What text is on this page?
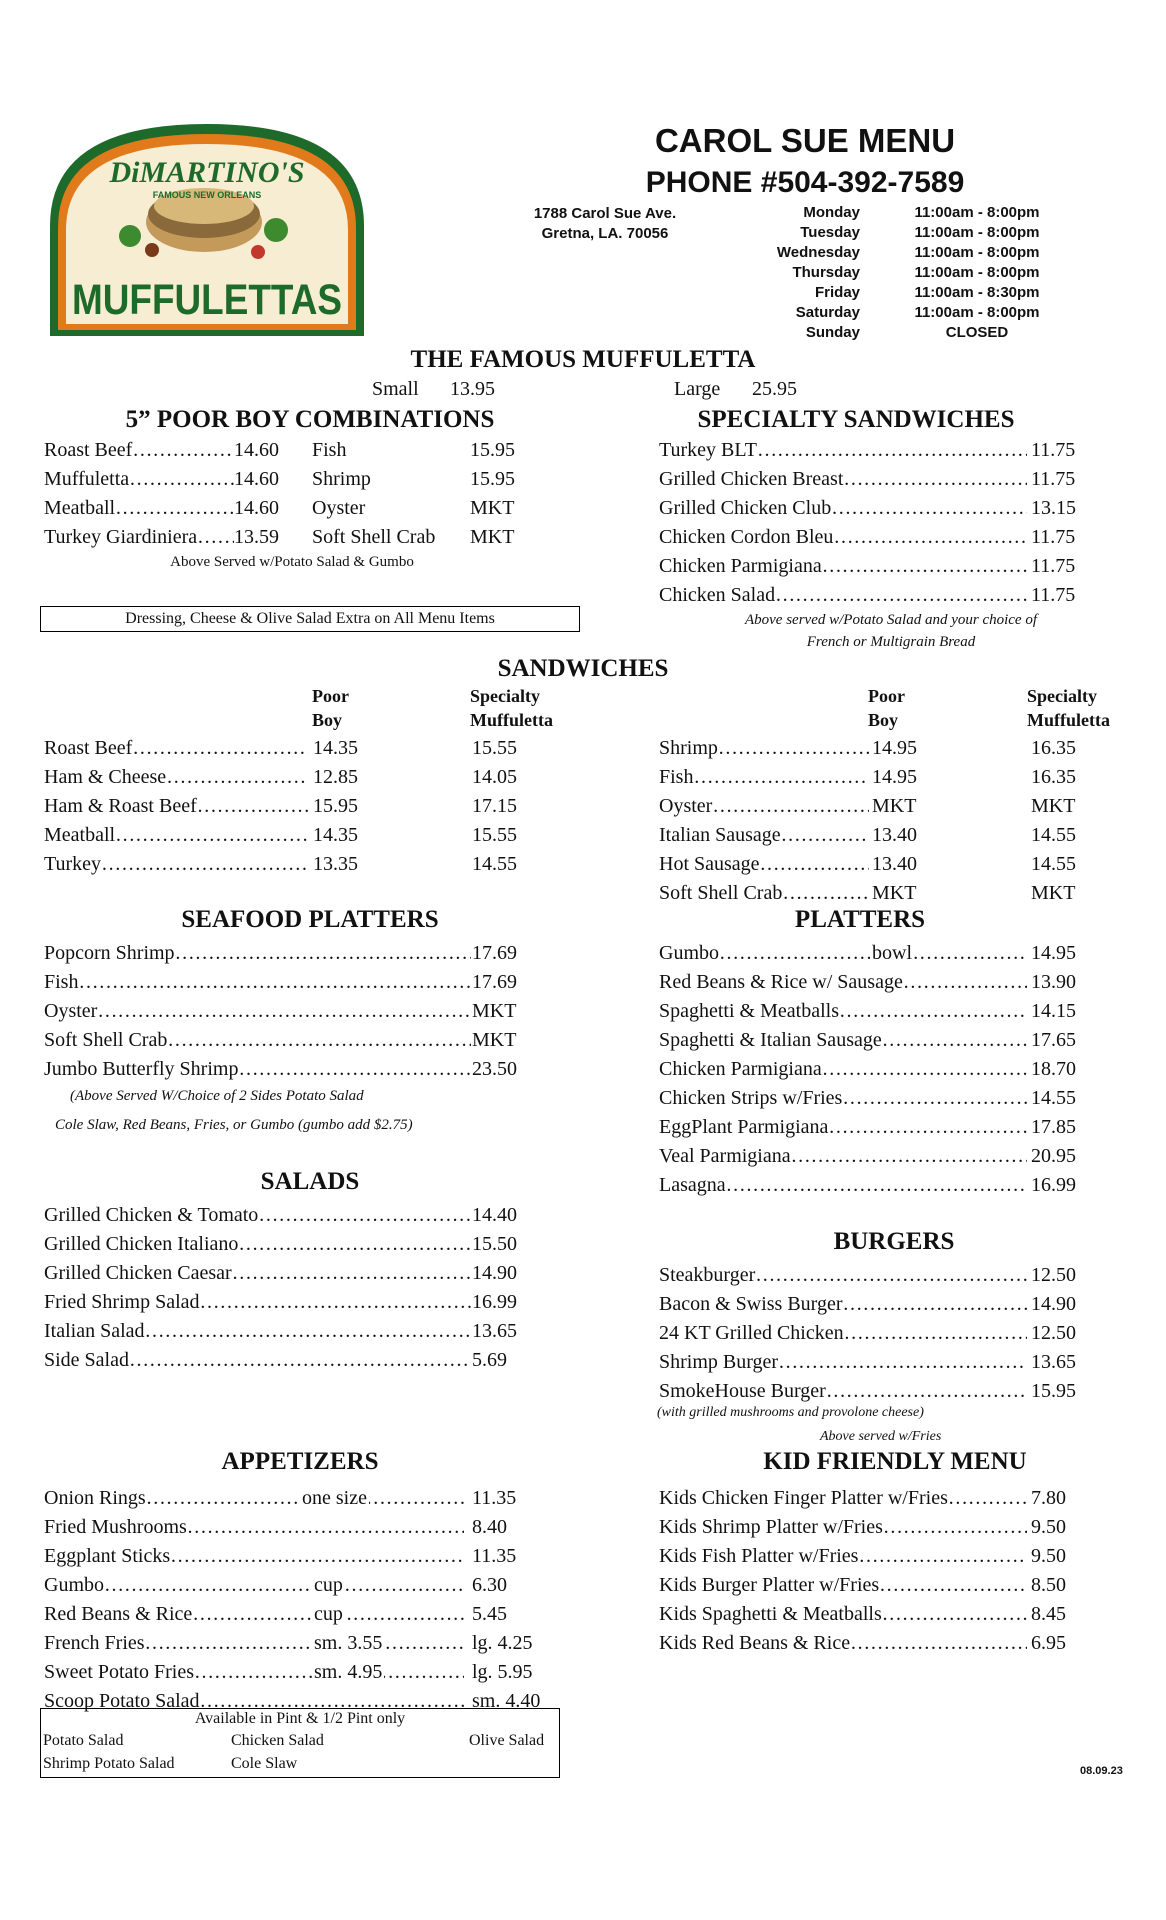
DiMARTINO'S
FAMOUS NEW ORLEANS
MUFFULETTAS
CAROL SUE MENU
PHONE #504-392-7589
1788 Carol Sue Ave.
Gretna, LA. 70056
Monday	11:00am - 8:00pm
Tuesday	11:00am - 8:00pm
Wednesday	11:00am - 8:00pm
Thursday	11:00am - 8:00pm
Friday	11:00am - 8:30pm
Saturday	11:00am - 8:00pm
Sunday	CLOSED
THE FAMOUS MUFFULETTA
Small 13.95	Large 25.95
5” POOR BOY COMBINATIONS
Roast Beef ……………………………………………………………………………………………………………………………………………	14.60 Fish	15.95
Muffuletta ……………………………………………………………………………………………………………………………………………	14.60 Shrimp	15.95
Meatball ……………………………………………………………………………………………………………………………………………	14.60 Oyster	MKT
Turkey Giardiniera …………………………………………………………………………………………………………………………………………… 13.59 Soft Shell Crab MKT
Above Served w/Potato Salad & Gumbo
Dressing, Cheese & Olive Salad Extra on All Menu Items
SPECIALTY SANDWICHES
Turkey BLT ……………………………………………………………………………………………………………………………………………	11.75
Grilled Chicken Breast ……………………………………………………………………………………………………………………………………………	11.75
Grilled Chicken Club ……………………………………………………………………………………………………………………………………………	13.15
Chicken Cordon Bleu ……………………………………………………………………………………………………………………………………………	11.75
Chicken Parmigiana ……………………………………………………………………………………………………………………………………………	11.75
Chicken Salad ……………………………………………………………………………………………………………………………………………	11.75
Above served w/Potato Salad and your choice of
French or Multigrain Bread
SANDWICHES
Poor
Boy
Specialty
Muffuletta
Poor
Boy
Specialty
Muffuletta
Roast Beef ……………………………………………………………………………………………………………………………………………	14.35	15.55
Ham & Cheese ……………………………………………………………………………………………………………………………………………	12.85	14.05
Ham & Roast Beef ……………………………………………………………………………………………………………………………………………	15.95	17.15
Meatball ……………………………………………………………………………………………………………………………………………	14.35	15.55
Turkey ……………………………………………………………………………………………………………………………………………	13.35	14.55
Shrimp ……………………………………………………………………………………………………………………………………………	14.95	16.35
Fish ……………………………………………………………………………………………………………………………………………	14.95	16.35
Oyster ……………………………………………………………………………………………………………………………………………	MKT	MKT
Italian Sausage ……………………………………………………………………………………………………………………………………………	13.40	14.55
Hot Sausage ……………………………………………………………………………………………………………………………………………	13.40	14.55
Soft Shell Crab ……………………………………………………………………………………………………………………………………………	MKT	MKT
SEAFOOD PLATTERS
Popcorn Shrimp ……………………………………………………………………………………………………………………………………………	17.69
Fish ……………………………………………………………………………………………………………………………………………	17.69
Oyster ……………………………………………………………………………………………………………………………………………	MKT
Soft Shell Crab ……………………………………………………………………………………………………………………………………………	MKT
Jumbo Butterfly Shrimp ……………………………………………………………………………………………………………………………………………	23.50
(Above Served W/Choice of 2 Sides Potato Salad
Cole Slaw, Red Beans, Fries, or Gumbo (gumbo add $2.75)
PLATTERS
Gumbo ……………………………………………………………………………………………………………………………………………	bowl	14.95
Red Beans & Rice w/ Sausage ……………………………………………………………………………………………………………………………………………	13.90
Spaghetti & Meatballs ……………………………………………………………………………………………………………………………………………	14.15
Spaghetti & Italian Sausage ……………………………………………………………………………………………………………………………………………	17.65
Chicken Parmigiana ……………………………………………………………………………………………………………………………………………	18.70
Chicken Strips w/Fries ……………………………………………………………………………………………………………………………………………	14.55
EggPlant Parmigiana ……………………………………………………………………………………………………………………………………………	17.85
Veal Parmigiana ……………………………………………………………………………………………………………………………………………	20.95
Lasagna ……………………………………………………………………………………………………………………………………………	16.99
SALADS
Grilled Chicken & Tomato ……………………………………………………………………………………………………………………………………………	14.40
Grilled Chicken Italiano ……………………………………………………………………………………………………………………………………………	15.50
Grilled Chicken Caesar ……………………………………………………………………………………………………………………………………………	14.90
Fried Shrimp Salad ……………………………………………………………………………………………………………………………………………	16.99
Italian Salad ……………………………………………………………………………………………………………………………………………	13.65
Side Salad ……………………………………………………………………………………………………………………………………………	5.69
BURGERS
Steakburger ……………………………………………………………………………………………………………………………………………	12.50
Bacon & Swiss Burger ……………………………………………………………………………………………………………………………………………	14.90
24 KT Grilled Chicken ……………………………………………………………………………………………………………………………………………	12.50
Shrimp Burger ……………………………………………………………………………………………………………………………………………	13.65
SmokeHouse Burger ……………………………………………………………………………………………………………………………………………	15.95
(with grilled mushrooms and provolone cheese)
Above served w/Fries
APPETIZERS
Onion Rings ……………………………………………………………………………………………………………………………………………	one size	11.35
Fried Mushrooms ……………………………………………………………………………………………………………………………………………	8.40
Eggplant Sticks ……………………………………………………………………………………………………………………………………………	11.35
Gumbo ……………………………………………………………………………………………………………………………………………	cup	6.30
Red Beans & Rice ……………………………………………………………………………………………………………………………………………	cup	5.45
French Fries ……………………………………………………………………………………………………………………………………………	sm. 3.55	lg. 4.25
Sweet Potato Fries ……………………………………………………………………………………………………………………………………………	sm. 4.95	lg. 5.95
Scoop Potato Salad ……………………………………………………………………………………………………………………………………………	sm. 4.40
Available in Pint & 1/2 Pint only
Potato Salad	Chicken Salad	Olive Salad
Shrimp Potato Salad	Cole Slaw
KID FRIENDLY MENU
Kids Chicken Finger Platter w/Fries ……………………………………………………………………………………………………………………………………………	7.80
Kids Shrimp Platter w/Fries ……………………………………………………………………………………………………………………………………………	9.50
Kids Fish Platter w/Fries ……………………………………………………………………………………………………………………………………………	9.50
Kids Burger Platter w/Fries ……………………………………………………………………………………………………………………………………………	8.50
Kids Spaghetti & Meatballs ……………………………………………………………………………………………………………………………………………	8.45
Kids Red Beans & Rice ……………………………………………………………………………………………………………………………………………	6.95
08.09.23
